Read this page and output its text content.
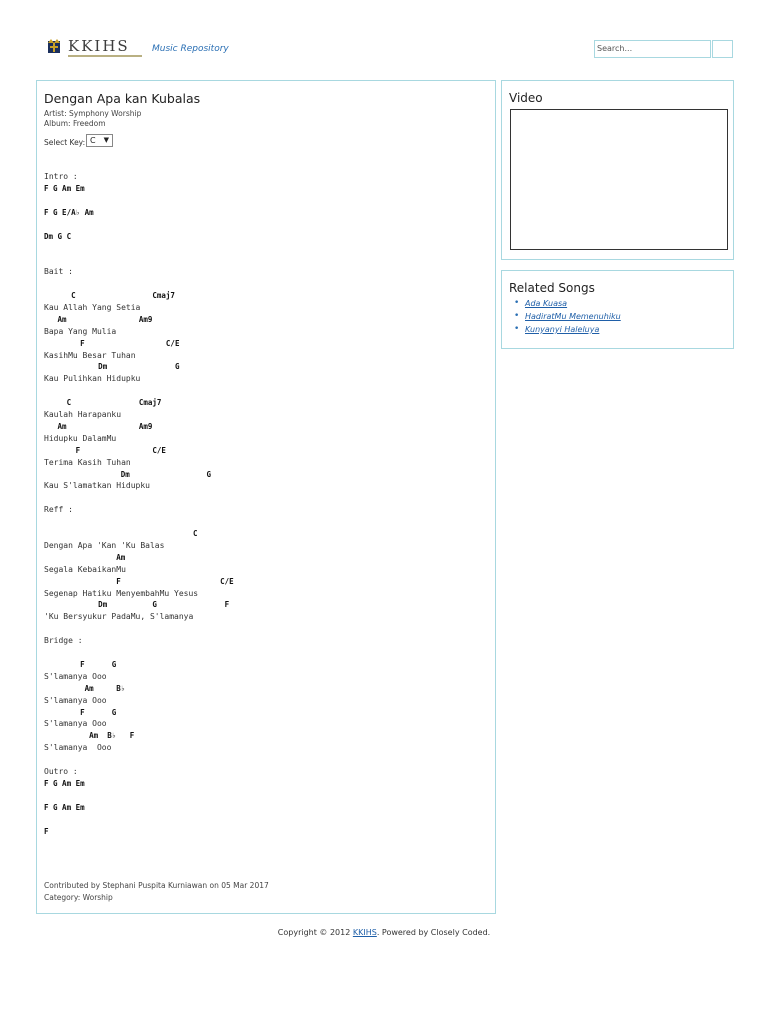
KKIHS Music Repository	Search...
Dengan Apa kan Kubalas
Artist: Symphony Worship
Album: Freedom
Select Key: C ▼
Intro :
F G Am Em
F G E/A♭ Am
Dm G C
Bait :
C                 Cmaj7
Kau Allah Yang Setia
Am                Am9
Bapa Yang Mulia
F                  C/E
KasihMu Besar Tuhan
Dm               G
Kau Pulihkan Hidupku
C               Cmaj7
Kaulah Harapanku
Am                Am9
Hidupku DalamMu
F                C/E
Terima Kasih Tuhan
Dm                 G
Kau S'lamatkan Hidupku
Reff :
C
Dengan Apa 'Kan 'Ku Balas
Am
Segala KebaikanMu
F                      C/E
Segenap Hatiku MenyembahMu Yesus
Dm          G               F
'Ku Bersyukur PadaMu, S'lamanya
Bridge :
F      G
S'lamanya Ooo
Am     B♭
S'lamanya Ooo
F      G
S'lamanya Ooo
Am  B♭   F
S'lamanya  Ooo
Outro :
F G Am Em
F G Am Em
F
Contributed by Stephani Puspita Kurniawan on 05 Mar 2017
Category: Worship
Video
Related Songs
• Ada Kuasa
• HadiratMu Memenuhiku
• Kunyanyi Haleluya
Copyright © 2012 KKIHS. Powered by Closely Coded.
